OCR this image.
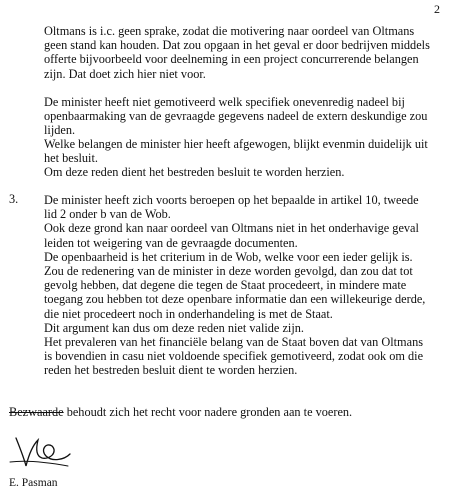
2
Oltmans is i.c. geen sprake, zodat die motivering naar oordeel van Oltmans
geen stand kan houden. Dat zou opgaan in het geval er door bedrijven middels
offerte bijvoorbeeld voor deelneming in een project concurrerende belangen
zijn. Dat doet zich hier niet voor.
De minister heeft niet gemotiveerd welk specifiek onevenredig nadeel bij
openbaarmaking van de gevraagde gegevens nadeel de extern deskundige zou
lijden.
Welke belangen de minister hier heeft afgewogen, blijkt evenmin duidelijk uit
het besluit.
Om deze reden dient het bestreden besluit te worden herzien.
3. De minister heeft zich voorts beroepen op het bepaalde in artikel 10, tweede
lid 2 onder b van de Wob.
Ook deze grond kan naar oordeel van Oltmans niet in het onderhavige geval
leiden tot weigering van de gevraagde documenten.
De openbaarheid is het criterium in de Wob, welke voor een ieder gelijk is.
Zou de redenering van de minister in deze worden gevolgd, dan zou dat tot
gevolg hebben, dat degene die tegen de Staat procedeert, in mindere mate
toegang zou hebben tot deze openbare informatie dan een willekeurige derde,
die niet procedeert noch in onderhandeling is met de Staat.
Dit argument kan dus om deze reden niet valide zijn.
Het prevaleren van het financiële belang van de Staat boven dat van Oltmans
is bovendien in casu niet voldoende specifiek gemotiveerd, zodat ook om die
reden het bestreden besluit dient te worden herzien.
Bezwaarde behoudt zich het recht voor nadere gronden aan te voeren.
E. Pasman
